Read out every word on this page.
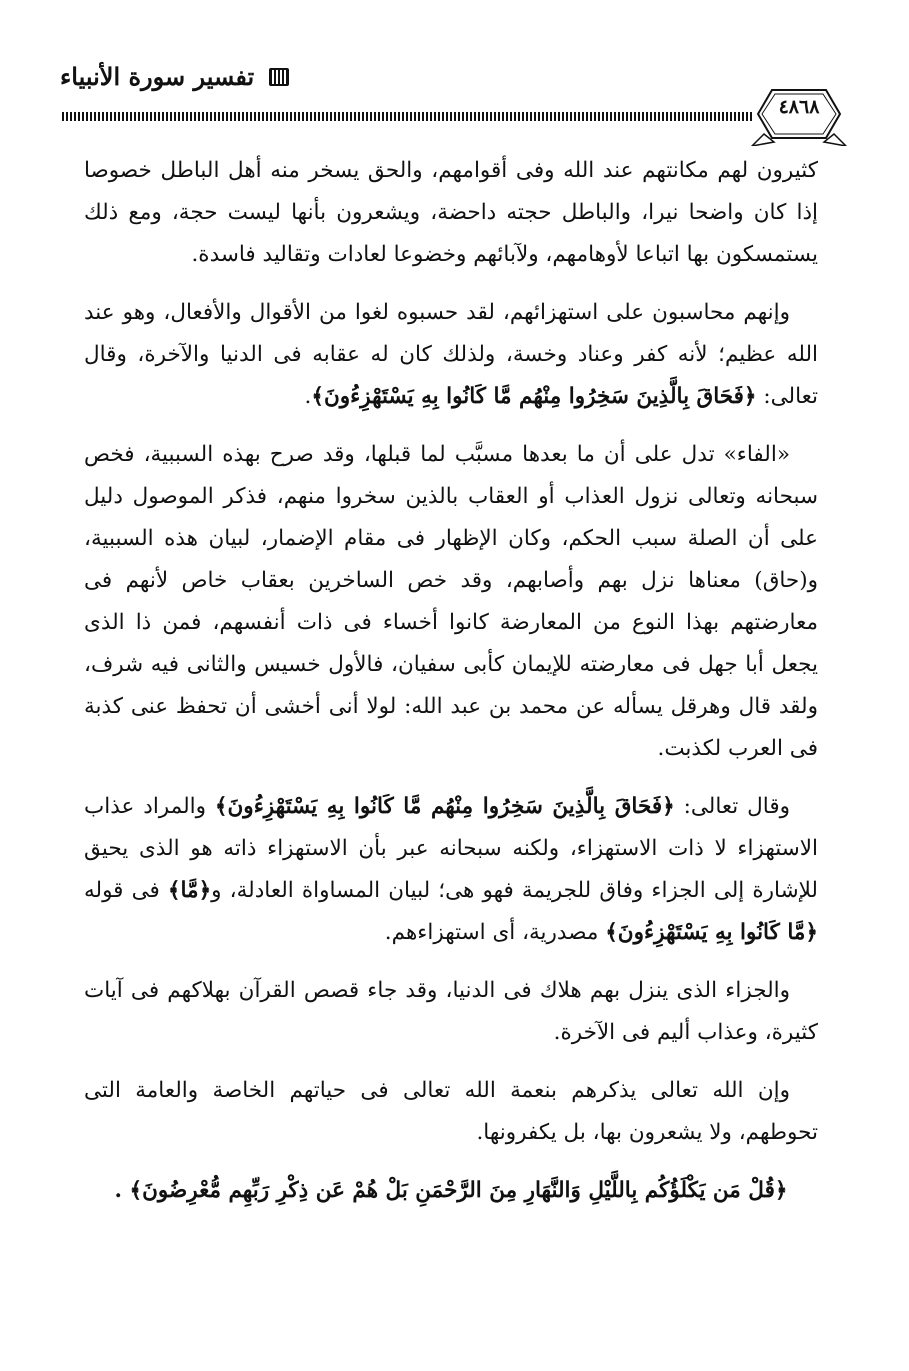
تفسير سورة الأنبياء
٤٨٦٨

كثيرون لهم مكانتهم عند الله وفى أقوامهم، والحق يسخر منه أهل الباطل خصوصا إذا كان واضحا نيرا، والباطل حجته داحضة، ويشعرون بأنها ليست حجة، ومع ذلك يستمسكون بها اتباعا لأوهامهم، ولآبائهم وخضوعا لعادات وتقاليد فاسدة.

وإنهم محاسبون على استهزائهم، لقد حسبوه لغوا من الأقوال والأفعال، وهو عند الله عظيم؛ لأنه كفر وعناد وخسة، ولذلك كان له عقابه فى الدنيا والآخرة، وقال تعالى: ﴿فَحَاقَ بِالَّذِينَ سَخِرُوا مِنْهُم مَّا كَانُوا بِهِ يَسْتَهْزِءُونَ﴾.

«الفاء» تدل على أن ما بعدها مسبَّب لما قبلها، وقد صرح بهذه السببية، فخص سبحانه وتعالى نزول العذاب أو العقاب بالذين سخروا منهم، فذكر الموصول دليل على أن الصلة سبب الحكم، وكان الإظهار فى مقام الإضمار، لبيان هذه السببية، و(حاق) معناها نزل بهم وأصابهم، وقد خص الساخرين بعقاب خاص لأنهم فى معارضتهم بهذا النوع من المعارضة كانوا أخساء فى ذات أنفسهم، فمن ذا الذى يجعل أبا جهل فى معارضته للإيمان كأبى سفيان، فالأول خسيس والثانى فيه شرف، ولقد قال وهرقل يسأله عن محمد بن عبد الله: لولا أنى أخشى أن تحفظ عنى كذبة فى العرب لكذبت.

وقال تعالى: ﴿فَحَاقَ بِالَّذِينَ سَخِرُوا مِنْهُم مَّا كَانُوا بِهِ يَسْتَهْزِءُونَ﴾ والمراد عذاب الاستهزاء لا ذات الاستهزاء، ولكنه سبحانه عبر بأن الاستهزاء ذاته هو الذى يحيق للإشارة إلى الجزاء وفاق للجريمة فهو هى؛ لبيان المساواة العادلة، و﴿مَّا﴾ فى قوله ﴿مَّا كَانُوا بِهِ يَسْتَهْزِءُونَ﴾ مصدرية، أى استهزاءهم.

والجزاء الذى ينزل بهم هلاك فى الدنيا، وقد جاء قصص القرآن بهلاكهم فى آيات كثيرة، وعذاب أليم فى الآخرة.

وإن الله تعالى يذكرهم بنعمة الله تعالى فى حياتهم الخاصة والعامة التى تحوطهم، ولا يشعرون بها، بل يكفرونها.

﴿قُلْ مَن يَكْلَؤُكُم بِاللَّيْلِ وَالنَّهَارِ مِنَ الرَّحْمَنِ بَلْ هُمْ عَن ذِكْرِ رَبِّهِم مُّعْرِضُونَ﴾ .
